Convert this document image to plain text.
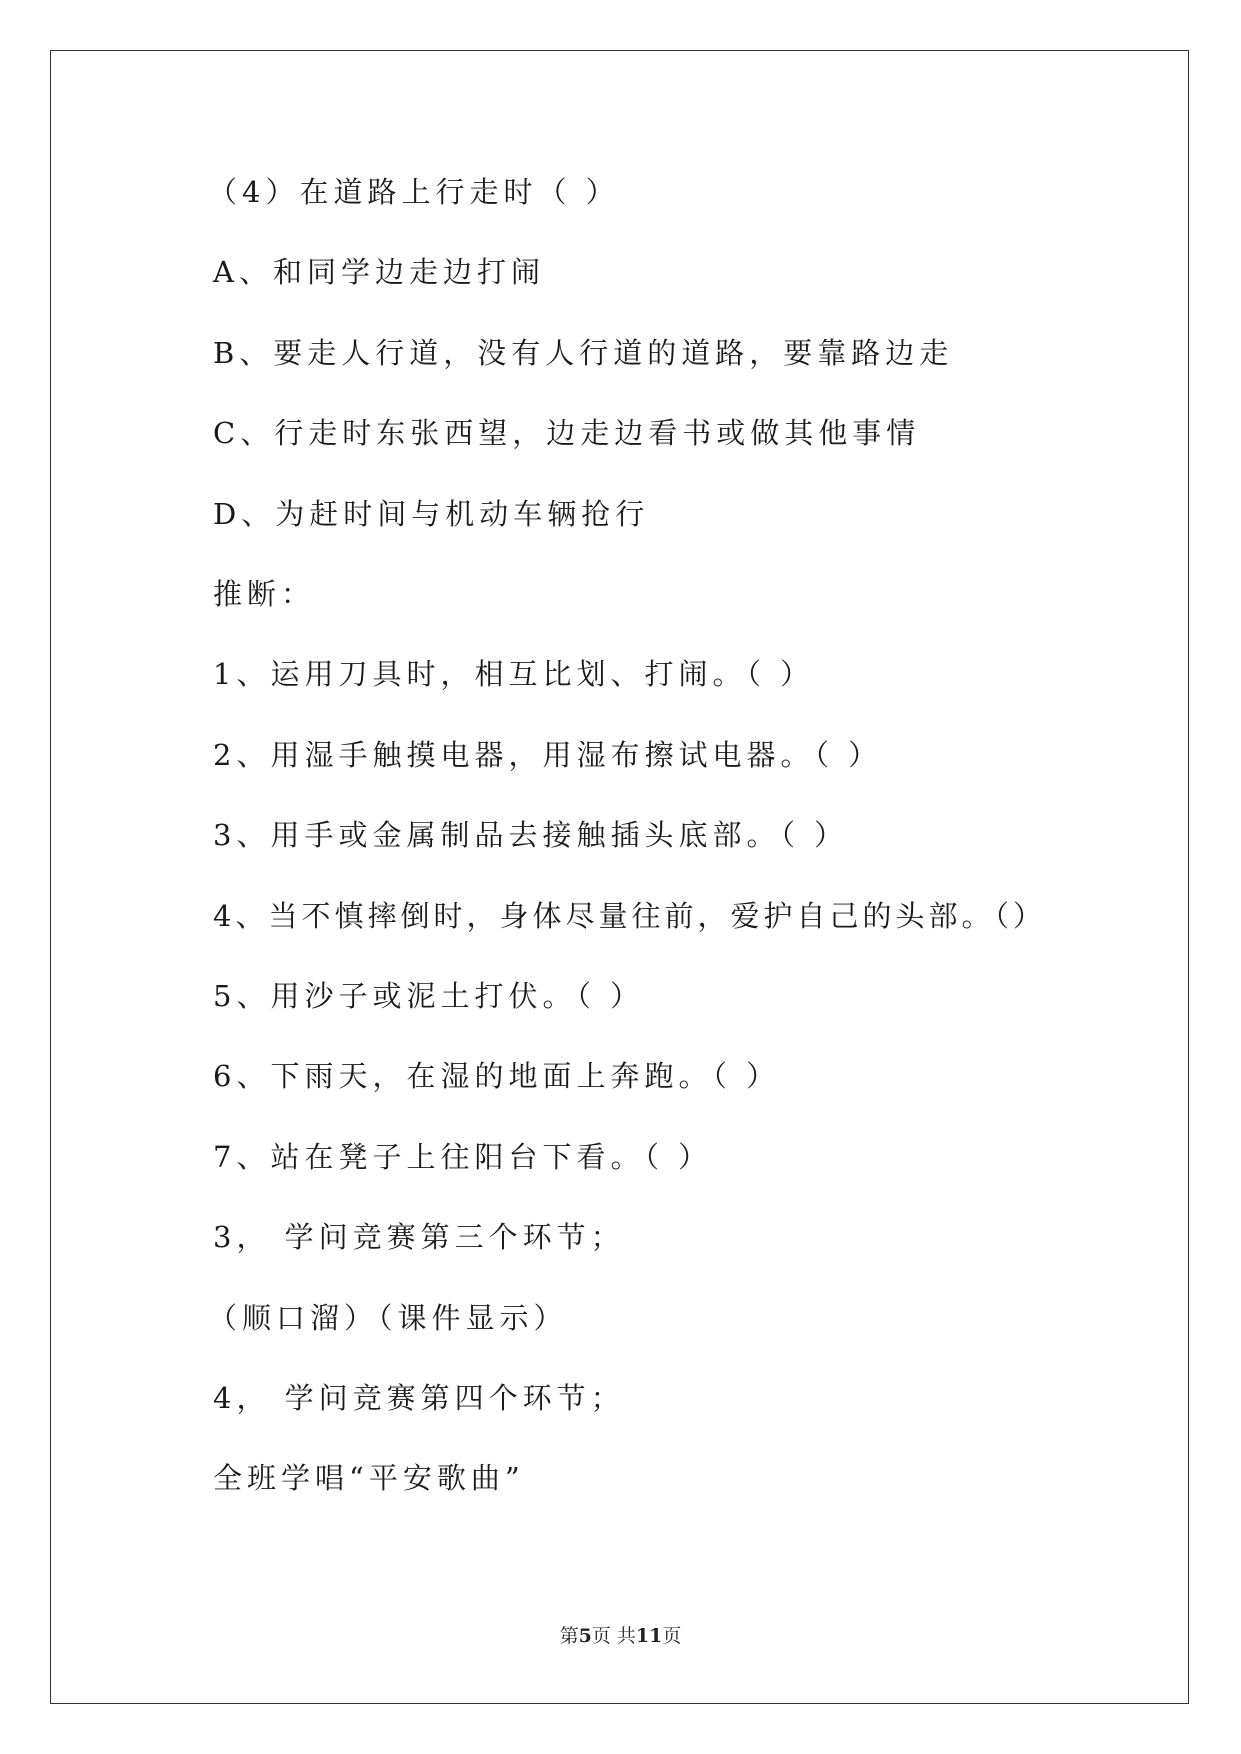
（4）在道路上行走时（ ）
A、和同学边走边打闹
B、要走人行道，没有人行道的道路，要靠路边走
C、行走时东张西望，边走边看书或做其他事情
D、为赶时间与机动车辆抢行
推断：
1、运用刀具时，相互比划、打闹。（ ）
2、用湿手触摸电器，用湿布擦试电器。（ ）
3、用手或金属制品去接触插头底部。（ ）
4、当不慎摔倒时，身体尽量往前，爱护自己的头部。（）
5、用沙子或泥土打伏。（ ）
6、下雨天，在湿的地面上奔跑。（ ）
7、站在凳子上往阳台下看。（ ）
3， 学问竞赛第三个环节；
（顺口溜）（课件显示）
4， 学问竞赛第四个环节；
全班学唱“平安歌曲”
第5页 共11页
